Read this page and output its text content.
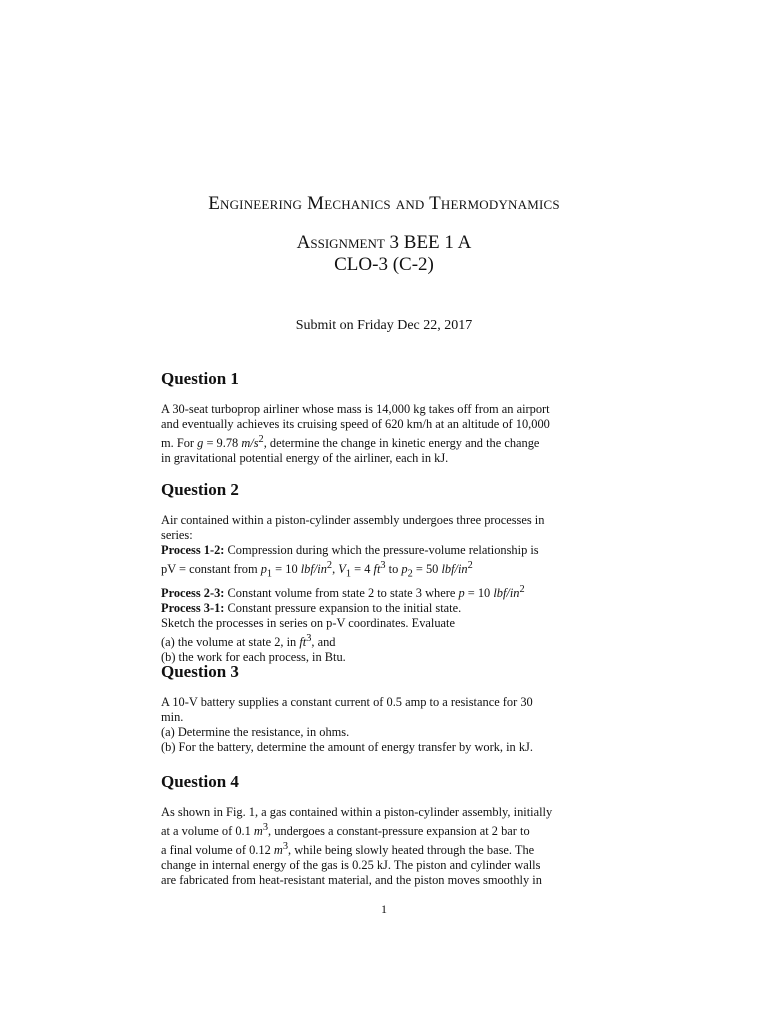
Engineering Mechanics and Thermodynamics
Assignment 3 BEE 1 A
CLO-3 (C-2)
Submit on Friday Dec 22, 2017
Question 1
A 30-seat turboprop airliner whose mass is 14,000 kg takes off from an airport
and eventually achieves its cruising speed of 620 km/h at an altitude of 10,000
m. For g = 9.78 $m/s^2$, determine the change in kinetic energy and the change
in gravitational potential energy of the airliner, each in kJ.
Question 2
Air contained within a piston-cylinder assembly undergoes three processes in
series:
Process 1-2: Compression during which the pressure-volume relationship is
pV = constant from $p_1 = 10$ lbf/$in^2$, $V_1 = 4$ $ft^3$ to $p_2 = 50$ lbf/$in^2$
Process 2-3: Constant volume from state 2 to state 3 where p = 10 lbf/$in^2$
Process 3-1: Constant pressure expansion to the initial state.
Sketch the processes in series on p-V coordinates. Evaluate
(a) the volume at state 2, in $ft^3$, and
(b) the work for each process, in Btu.
Question 3
A 10-V battery supplies a constant current of 0.5 amp to a resistance for 30
min.
(a) Determine the resistance, in ohms.
(b) For the battery, determine the amount of energy transfer by work, in kJ.
Question 4
As shown in Fig. 1, a gas contained within a piston-cylinder assembly, initially
at a volume of 0.1 $m^3$, undergoes a constant-pressure expansion at 2 bar to
a final volume of 0.12 $m^3$, while being slowly heated through the base. The
change in internal energy of the gas is 0.25 kJ. The piston and cylinder walls
are fabricated from heat-resistant material, and the piston moves smoothly in
1
